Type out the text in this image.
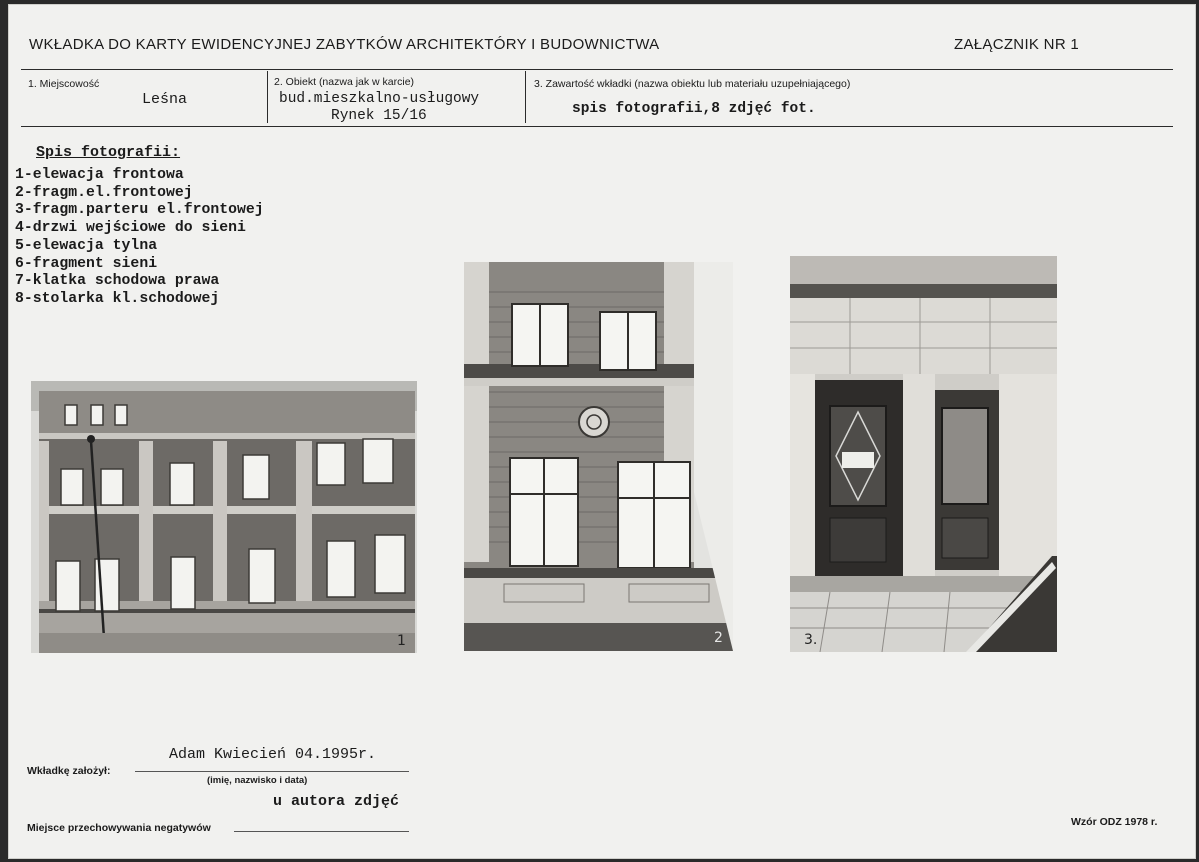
WKŁADKA DO KARTY EWIDENCYJNEJ ZABYTKÓW ARCHITEKTÓRY I BUDOWNICTWA	ZAŁĄCZNIK NR 1
1. Miejscowość
Leśna
2. Obiekt (nazwa jak w karcie)
bud.mieszkalno-usługowy
Rynek 15/16
3. Zawartość wkładki (nazwa obiektu lub materiału uzupełniającego)
spis fotografii,8 zdjęć fot.
Spis fotografii:
1-elewacja frontowa
2-fragm.el.frontowej
3-fragm.parteru el.frontowej
4-drzwi wejściowe do sieni
5-elewacja tylna
6-fragment sieni
7-klatka schodowa prawa
8-stolarka kl.schodowej
1	2	3.
Wkładkę założył:
Adam Kwiecień 04.1995r.
(imię, nazwisko i data)
u autora zdjęć
Miejsce przechowywania negatywów	Wzór ODZ 1978 r.
